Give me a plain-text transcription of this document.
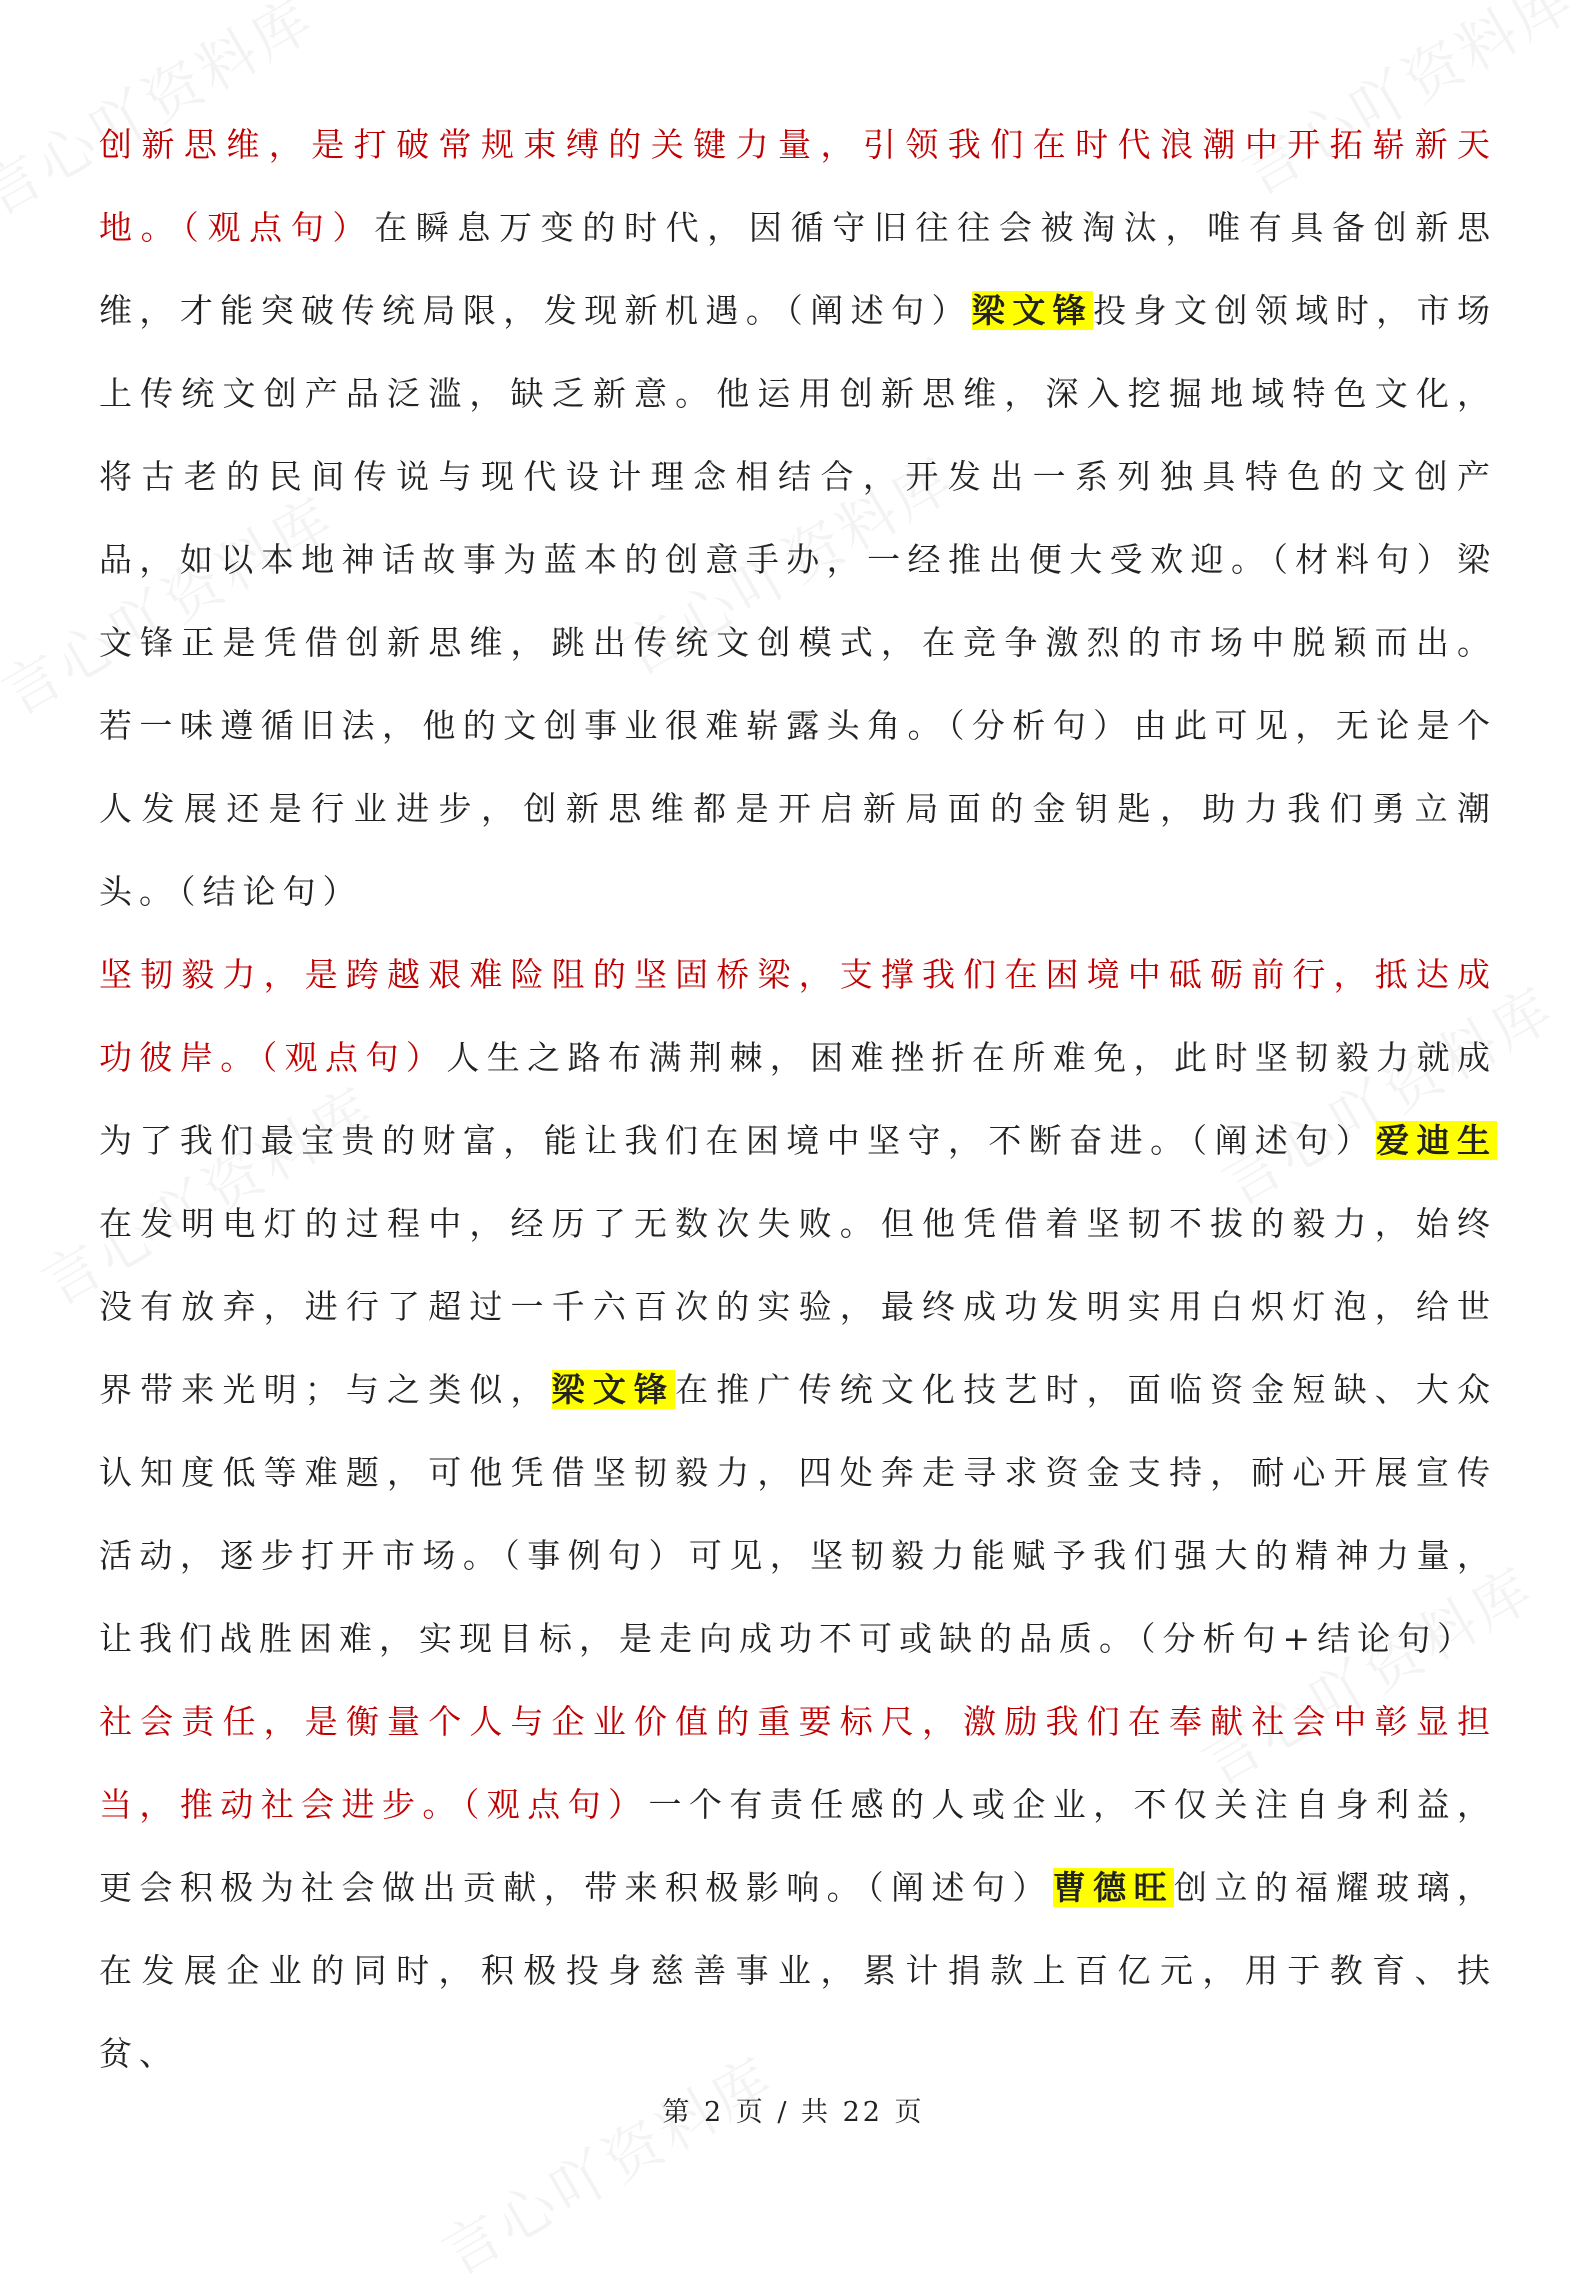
创新思维，是打破常规束缚的关键力量，引领我们在时代浪潮中开拓崭新天地。（观点句）在瞬息万变的时代，因循守旧往往会被淘汰，唯有具备创新思维，才能突破传统局限，发现新机遇。（阐述句）梁文锋投身文创领域时，市场上传统文创产品泛滥，缺乏新意。他运用创新思维，深入挖掘地域特色文化，将古老的民间传说与现代设计理念相结合，开发出一系列独具特色的文创产品，如以本地神话故事为蓝本的创意手办，一经推出便大受欢迎。（材料句）梁文锋正是凭借创新思维，跳出传统文创模式，在竞争激烈的市场中脱颖而出。若一味遵循旧法，他的文创事业很难崭露头角。（分析句）由此可见，无论是个人发展还是行业进步，创新思维都是开启新局面的金钥匙，助力我们勇立潮头。（结论句）
坚韧毅力，是跨越艰难险阻的坚固桥梁，支撑我们在困境中砥砺前行，抵达成功彼岸。（观点句）人生之路布满荆棘，困难挫折在所难免，此时坚韧毅力就成为了我们最宝贵的财富，能让我们在困境中坚守，不断奋进。（阐述句）爱迪生在发明电灯的过程中，经历了无数次失败。但他凭借着坚韧不拔的毅力，始终没有放弃，进行了超过一千六百次的实验，最终成功发明实用白炽灯泡，给世界带来光明；与之类似，梁文锋在推广传统文化技艺时，面临资金短缺、大众认知度低等难题，可他凭借坚韧毅力，四处奔走寻求资金支持，耐心开展宣传活动，逐步打开市场。（事例句）可见，坚韧毅力能赋予我们强大的精神力量，让我们战胜困难，实现目标，是走向成功不可或缺的品质。（分析句+结论句）
社会责任，是衡量个人与企业价值的重要标尺，激励我们在奉献社会中彰显担当，推动社会进步。（观点句）一个有责任感的人或企业，不仅关注自身利益，更会积极为社会做出贡献，带来积极影响。（阐述句）曹德旺创立的福耀玻璃，在发展企业的同时，积极投身慈善事业，累计捐款上百亿元，用于教育、扶贫、
第 2 页 / 共 22 页
